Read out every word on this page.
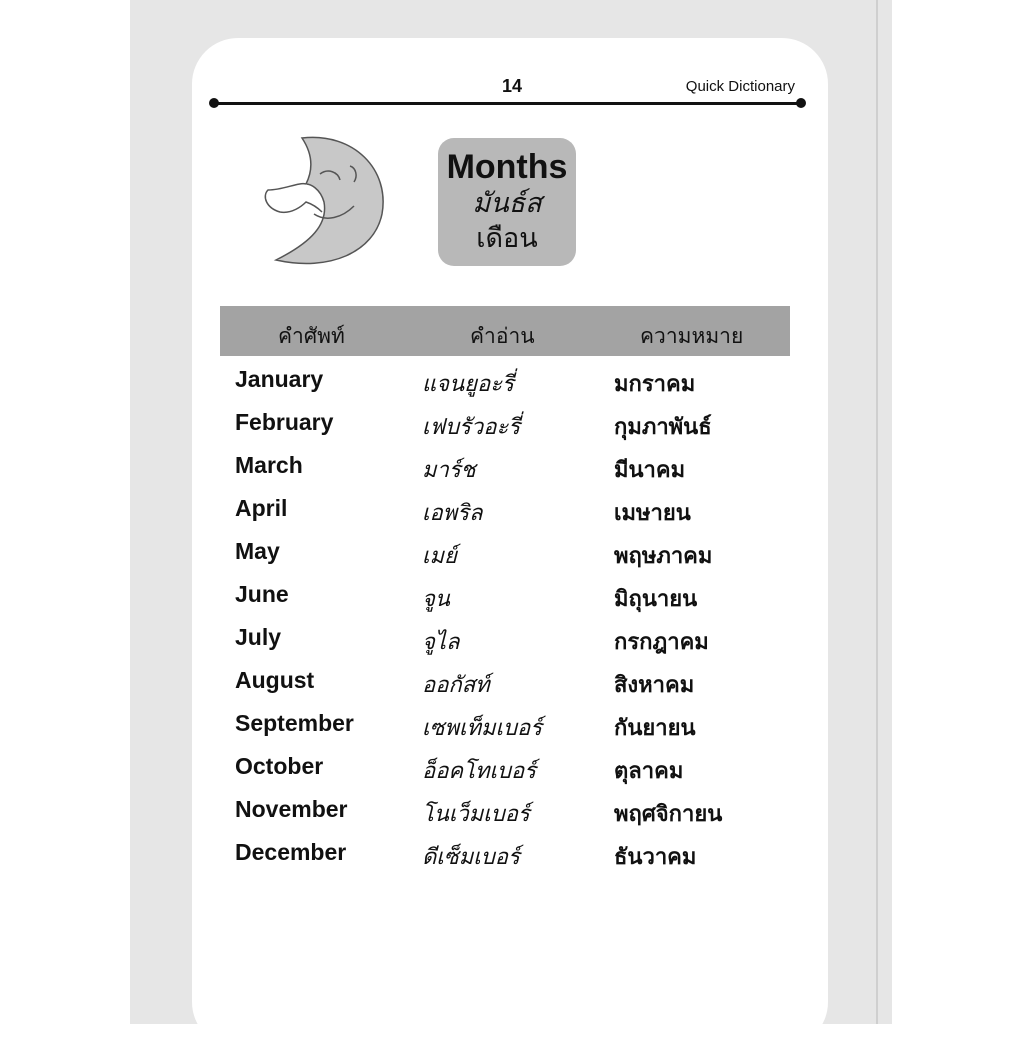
14	Quick Dictionary
Months
มันธ์ส
เดือน
คำศัพท์	คำอ่าน	ความหมาย
January	แจนยูอะรี่	มกราคม
February	เฟบรัวอะรี่	กุมภาพันธ์
March	มาร์ช	มีนาคม
April	เอพริล	เมษายน
May	เมย์	พฤษภาคม
June	จูน	มิถุนายน
July	จูไล	กรกฎาคม
August	ออกัสท์	สิงหาคม
September	เซพเท็มเบอร์	กันยายน
October	อ็อคโทเบอร์	ตุลาคม
November	โนเว็มเบอร์	พฤศจิกายน
December	ดีเซ็มเบอร์	ธันวาคม
